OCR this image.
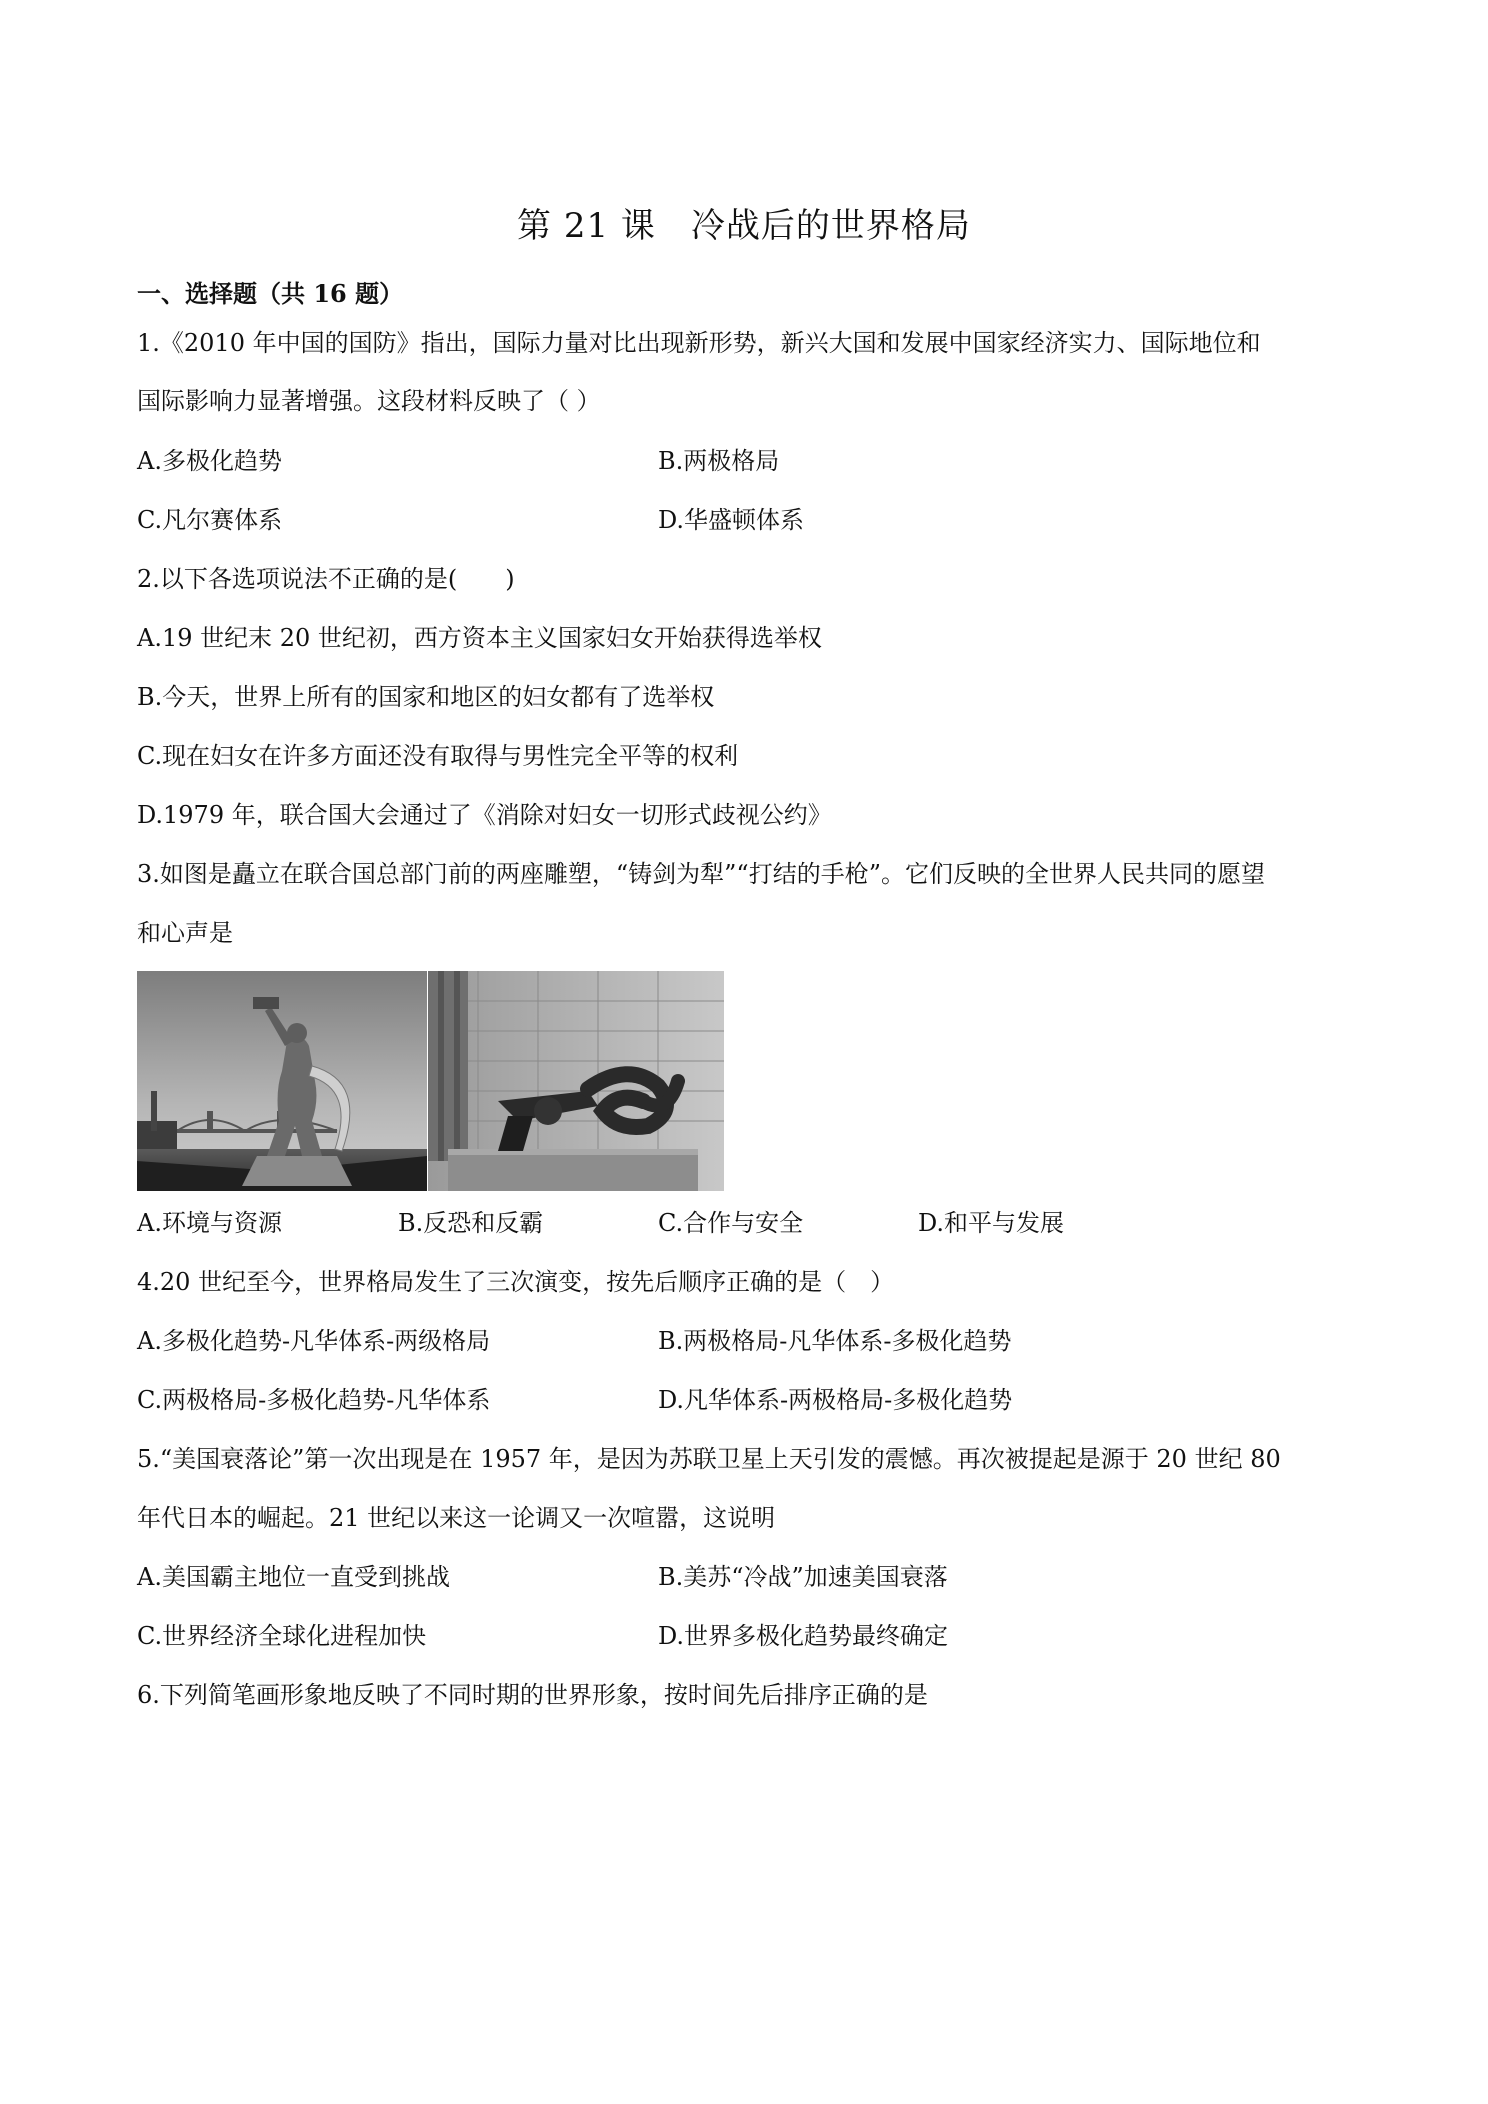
第 21 课　冷战后的世界格局
一、选择题（共 16 题）
1.《2010 年中国的国防》指出，国际力量对比出现新形势，新兴大国和发展中国家经济实力、国际地位和
国际影响力显著增强。这段材料反映了（ ）
A.多极化趋势	B.两极格局
C.凡尔赛体系	D.华盛顿体系
2.以下各选项说法不正确的是(　　)
A.19 世纪末 20 世纪初，西方资本主义国家妇女开始获得选举权
B.今天，世界上所有的国家和地区的妇女都有了选举权
C.现在妇女在许多方面还没有取得与男性完全平等的权利
D.1979 年，联合国大会通过了《消除对妇女一切形式歧视公约》
3.如图是矗立在联合国总部门前的两座雕塑，“铸剑为犁”“打结的手枪”。它们反映的全世界人民共同的愿望
和心声是
A.环境与资源	B.反恐和反霸	C.合作与安全	D.和平与发展
4.20 世纪至今，世界格局发生了三次演变，按先后顺序正确的是（　）
A.多极化趋势-凡华体系-两级格局	B.两极格局-凡华体系-多极化趋势
C.两极格局-多极化趋势-凡华体系	D.凡华体系-两极格局-多极化趋势
5.“美国衰落论”第一次出现是在 1957 年，是因为苏联卫星上天引发的震憾。再次被提起是源于 20 世纪 80
年代日本的崛起。21 世纪以来这一论调又一次喧嚣，这说明
A.美国霸主地位一直受到挑战	B.美苏“冷战”加速美国衰落
C.世界经济全球化进程加快	D.世界多极化趋势最终确定
6.下列简笔画形象地反映了不同时期的世界形象，按时间先后排序正确的是
